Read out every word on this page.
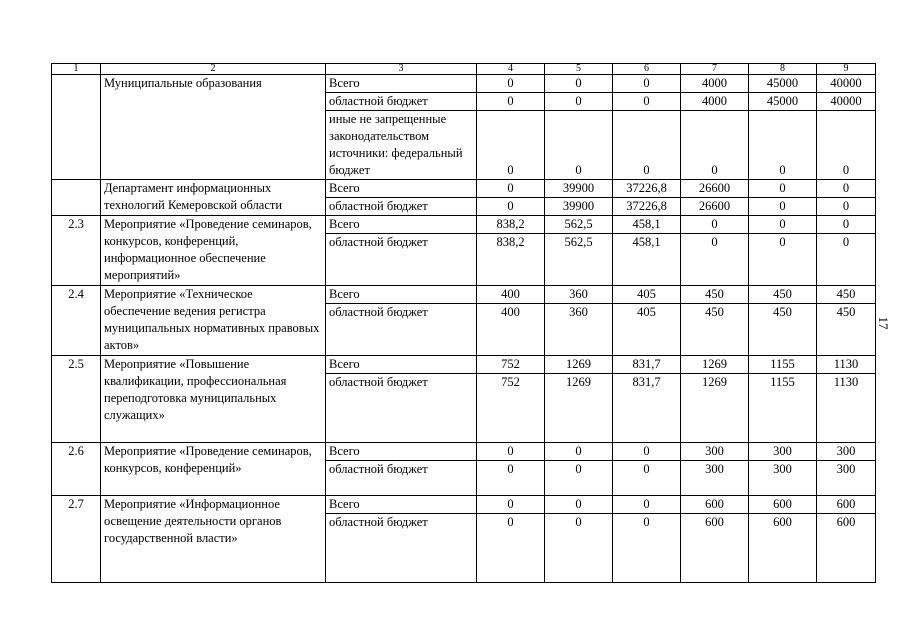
1	2	3	4	5	6	7	8	9
	Муниципальные образования	Всего	0	0	0	4000	45000	40000
		областной бюджет	0	0	0	4000	45000	40000
		иные не запрещенные законодательством источники: федеральный бюджет	0	0	0	0	0	0
	Департамент информационных технологий Кемеровской области	Всего	0	39900	37226,8	26600	0	0
		областной бюджет	0	39900	37226,8	26600	0	0
2.3	Мероприятие «Проведение семинаров, конкурсов, конференций, информационное обеспечение мероприятий»	Всего	838,2	562,5	458,1	0	0	0
		областной бюджет	838,2	562,5	458,1	0	0	0
2.4	Мероприятие «Техническое обеспечение ведения регистра муниципальных нормативных правовых актов»	Всего	400	360	405	450	450	450
		областной бюджет	400	360	405	450	450	450
2.5	Мероприятие «Повышение квалификации, профессиональная переподготовка муниципальных служащих»	Всего	752	1269	831,7	1269	1155	1130
		областной бюджет	752	1269	831,7	1269	1155	1130
2.6	Мероприятие «Проведение семинаров, конкурсов, конференций»	Всего	0	0	0	300	300	300
		областной бюджет	0	0	0	300	300	300
2.7	Мероприятие «Информационное освещение деятельности органов государственной власти»	Всего	0	0	0	600	600	600
		областной бюджет	0	0	0	600	600	600
17
